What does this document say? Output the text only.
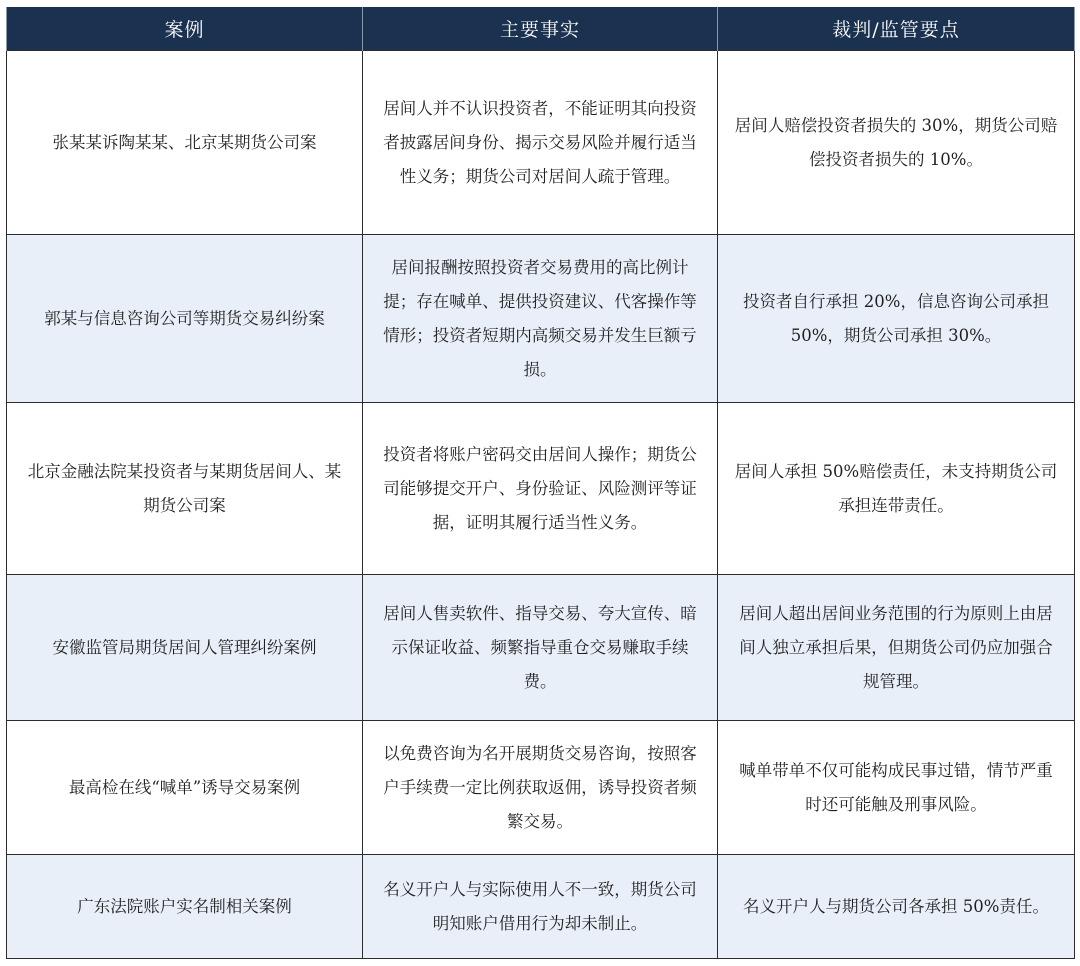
案例	主要事实	裁判/监管要点
张某某诉陶某某、北京某期货公司案	居间人并不认识投资者，不能证明其向投资者披露居间身份、揭示交易风险并履行适当性义务；期货公司对居间人疏于管理。	居间人赔偿投资者损失的 30%，期货公司赔偿投资者损失的 10%。
郭某与信息咨询公司等期货交易纠纷案	居间报酬按照投资者交易费用的高比例计提；存在喊单、提供投资建议、代客操作等情形；投资者短期内高频交易并发生巨额亏损。	投资者自行承担 20%，信息咨询公司承担 50%，期货公司承担 30%。
北京金融法院某投资者与某期货居间人、某期货公司案	投资者将账户密码交由居间人操作；期货公司能够提交开户、身份验证、风险测评等证据，证明其履行适当性义务。	居间人承担 50%赔偿责任，未支持期货公司承担连带责任。
安徽监管局期货居间人管理纠纷案例	居间人售卖软件、指导交易、夸大宣传、暗示保证收益、频繁指导重仓交易赚取手续费。	居间人超出居间业务范围的行为原则上由居间人独立承担后果，但期货公司仍应加强合规管理。
最高检在线“喊单”诱导交易案例	以免费咨询为名开展期货交易咨询，按照客户手续费一定比例获取返佣，诱导投资者频繁交易。	喊单带单不仅可能构成民事过错，情节严重时还可能触及刑事风险。
广东法院账户实名制相关案例	名义开户人与实际使用人不一致，期货公司明知账户借用行为却未制止。	名义开户人与期货公司各承担 50%责任。
